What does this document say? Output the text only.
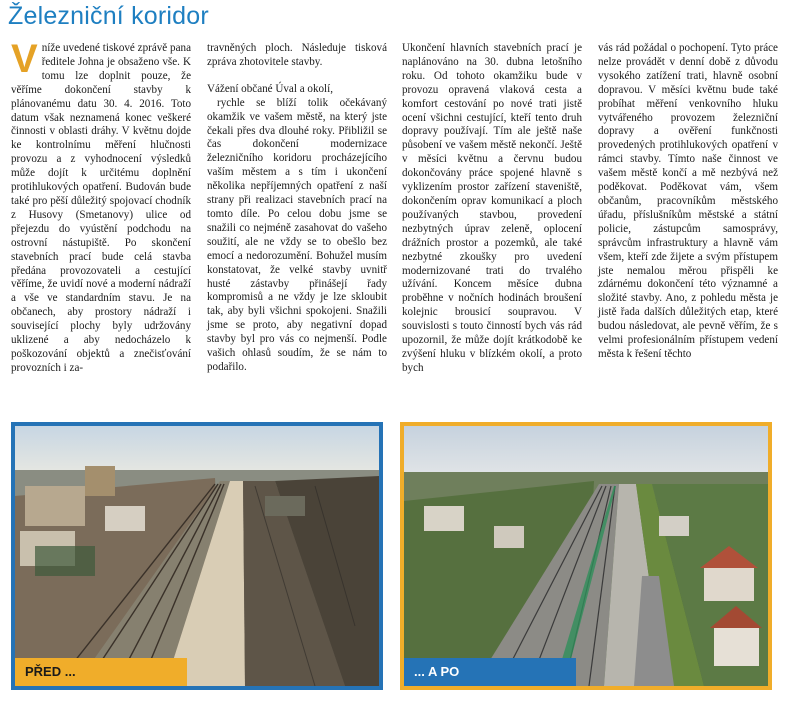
Železniční koridor

Vníže uvedené tiskové zprávě pana ředitele Johna je obsaženo vše. K tomu lze doplnit pouze, že věříme dokončení stavby k plánovanému datu 30. 4. 2016. Toto datum však neznamená konec veškeré činnosti v oblasti dráhy. V květnu dojde ke kontrolnímu měření hlučnosti provozu a z vyhodnocení výsledků může dojít k určitému doplnění protihlukových opatření. Budován bude také pro pěší důležitý spojovací chodník z Husovy (Smetanovy) ulice od přejezdu do vyústění podchodu na ostrovní nástupiště. Po skončení stavebních prací bude celá stavba předána provozovateli a cestující věříme, že uvidí nové a moderní nádraží a vše ve standardním stavu. Je na občanech, aby prostory nádraží i související plochy byly udržovány uklizené a aby nedocházelo k poškozování objektů a znečisťování provozních i za-

travněných ploch. Následuje tisková zpráva zhotovitele stavby.

Vážení občané Úval a okolí,

rychle se blíží tolik očekávaný okamžik ve vašem městě, na který jste čekali přes dva dlouhé roky. Přibližil se čas dokončení modernizace železničního koridoru procházejícího vaším městem a s tím i ukončení několika nepříjemných opatření z naší strany při realizaci stavebních prací na tomto díle. Po celou dobu jsme se snažili co nejméně zasahovat do vašeho soužití, ale ne vždy se to obešlo bez emocí a nedorozumění. Bohužel musím konstatovat, že velké stavby uvnitř husté zástavby přinášejí řady kompromisů a ne vždy je lze skloubit tak, aby byli všichni spokojeni. Snažili jsme se proto, aby negativní dopad stavby byl pro vás co nejmenší. Podle vašich ohlasů soudím, že se nám to podařilo.

Ukončení hlavních stavebních prací je naplánováno na 30. dubna letošního roku. Od tohoto okamžiku bude v provozu opravená vlaková cesta a komfort cestování po nové trati jistě ocení všichni cestující, kteří tento druh dopravy používají. Tím ale ještě naše působení ve vašem městě nekončí. Ještě v měsíci květnu a červnu budou dokončovány práce spojené hlavně s vyklizením prostor zařízení staveniště, dokončením oprav komunikací a ploch používaných stavbou, provedení nezbytných úprav zeleně, oplocení drážních prostor a pozemků, ale také nezbytné zkoušky pro uvedení modernizované trati do trvalého užívání. Koncem měsíce dubna proběhne v nočních hodinách broušení kolejnic brousicí soupravou. V souvislosti s touto činností bych vás rád upozornil, že může dojít krátkodobě ke zvýšení hluku v blízkém okolí, a proto bych

vás rád požádal o pochopení. Tyto práce nelze provádět v denní době z důvodu vysokého zatížení trati, hlavně osobní dopravou. V měsíci květnu bude také probíhat měření venkovního hluku vytvářeného provozem železniční dopravy a ověření funkčnosti provedených protihlukových opatření v rámci stavby. Tímto naše činnost ve vašem městě končí a mě nezbývá než poděkovat. Poděkovat vám, všem občanům, pracovníkům městského úřadu, příslušníkům městské a státní policie, zástupcům samosprávy, správcům infrastruktury a hlavně vám všem, kteří zde žijete a svým přístupem jste nemalou měrou přispěli ke zdárnému dokončení této významné a složité stavby. Ano, z pohledu města je jistě řada dalších důležitých etap, které budou následovat, ale pevně věřím, že s velmi profesionálním přístupem vedení města k řešení těchto

PŘED ...	... A PO
